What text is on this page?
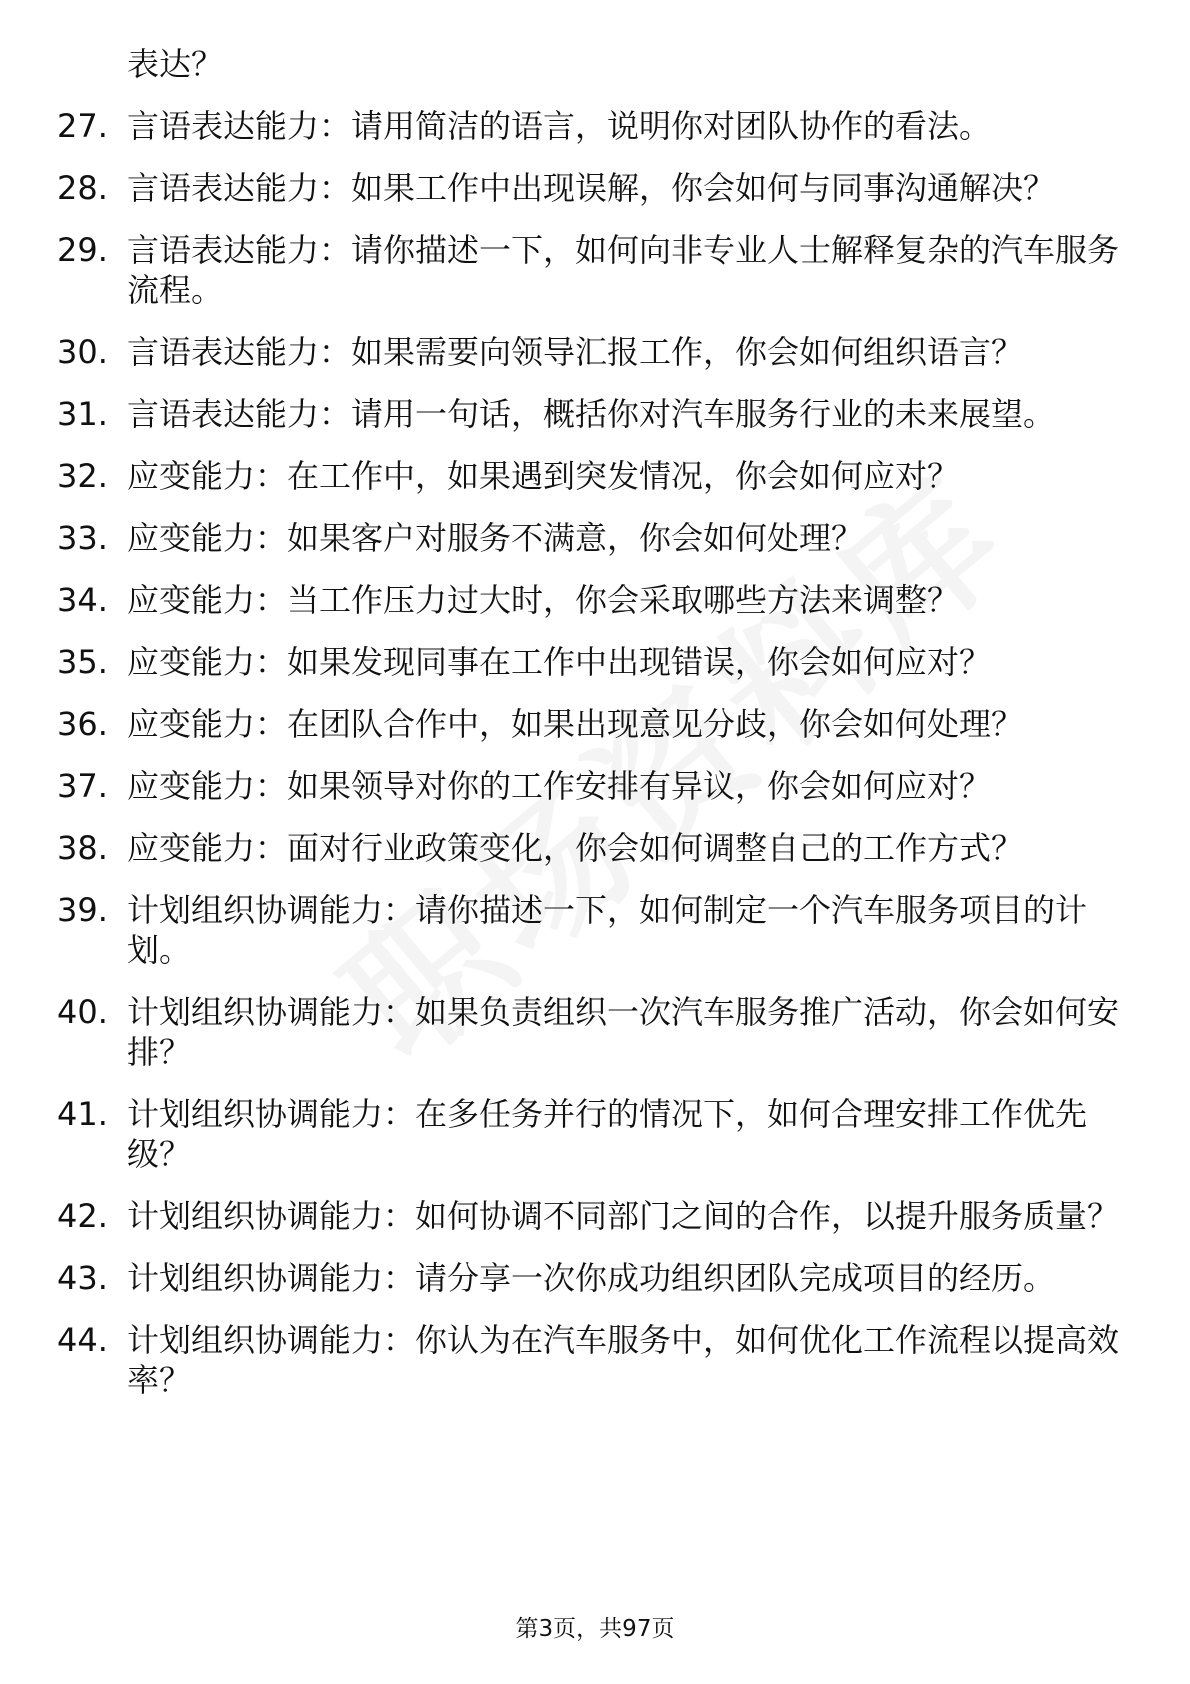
表达？
27. 言语表达能力：请用简洁的语言，说明你对团队协作的看法。
28. 言语表达能力：如果工作中出现误解，你会如何与同事沟通解决？
29. 言语表达能力：请你描述一下，如何向非专业人士解释复杂的汽车服务流程。
30. 言语表达能力：如果需要向领导汇报工作，你会如何组织语言？
31. 言语表达能力：请用一句话，概括你对汽车服务行业的未来展望。
32. 应变能力：在工作中，如果遇到突发情况，你会如何应对？
33. 应变能力：如果客户对服务不满意，你会如何处理？
34. 应变能力：当工作压力过大时，你会采取哪些方法来调整？
35. 应变能力：如果发现同事在工作中出现错误，你会如何应对？
36. 应变能力：在团队合作中，如果出现意见分歧，你会如何处理？
37. 应变能力：如果领导对你的工作安排有异议，你会如何应对？
38. 应变能力：面对行业政策变化，你会如何调整自己的工作方式？
39. 计划组织协调能力：请你描述一下，如何制定一个汽车服务项目的计划。
40. 计划组织协调能力：如果负责组织一次汽车服务推广活动，你会如何安排？
41. 计划组织协调能力：在多任务并行的情况下，如何合理安排工作优先级？
42. 计划组织协调能力：如何协调不同部门之间的合作，以提升服务质量？
43. 计划组织协调能力：请分享一次你成功组织团队完成项目的经历。
44. 计划组织协调能力：你认为在汽车服务中，如何优化工作流程以提高效率？
第3页，共97页
